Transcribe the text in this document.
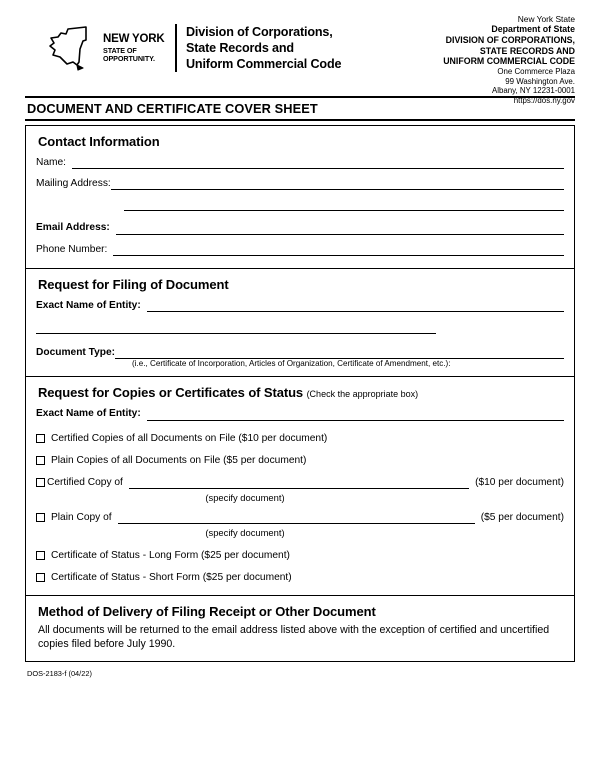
NEW YORK
STATE OF
OPPORTUNITY.
Division of Corporations,
State Records and
Uniform Commercial Code
New York State
Department of State
DIVISION OF CORPORATIONS,
STATE RECORDS AND
UNIFORM COMMERCIAL CODE
One Commerce Plaza
99 Washington Ave.
Albany, NY 12231-0001
https://dos.ny.gov
DOCUMENT AND CERTIFICATE COVER SHEET
Contact Information
Name:
Mailing Address:
Email Address:
Phone Number:
Request for Filing of Document
Exact Name of Entity:
Document Type:
(i.e., Certificate of Incorporation, Articles of Organization, Certificate of Amendment, etc.):
Request for Copies or Certificates of Status (Check the appropriate box)
Exact Name of Entity:
Certified Copies of all Documents on File ($10 per document)
Plain Copies of all Documents on File ($5 per document)
Certified Copy of	($10 per document)
(specify document)
Plain Copy of	($5 per document)
(specify document)
Certificate of Status - Long Form ($25 per document)
Certificate of Status - Short Form ($25 per document)
Method of Delivery of Filing Receipt or Other Document
All documents will be returned to the email address listed above with the exception of certified and uncertified copies filed before July 1990.
DOS-2183-f (04/22)
